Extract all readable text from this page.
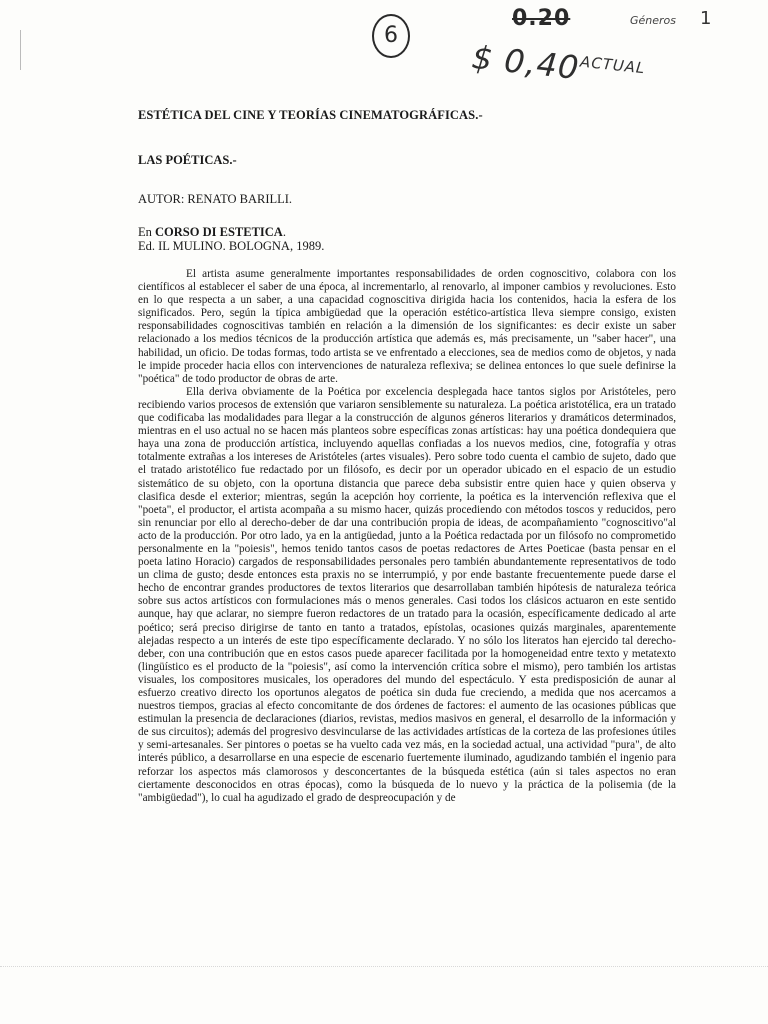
6
0.20	Géneros 1
$ 0,40
ACTUAL
ESTÉTICA DEL CINE Y TEORÍAS CINEMATOGRÁFICAS.-
LAS POÉTICAS.-
AUTOR: RENATO BARILLI.
En CORSO DI ESTETICA.
Ed. IL MULINO. BOLOGNA, 1989.

El artista asume generalmente importantes responsabilidades de orden cognoscitivo, colabora con los científicos al establecer el saber de una época, al incrementarlo, al renovarlo, al imponer cambios y revoluciones. Esto en lo que respecta a un saber, a una capacidad cognoscitiva dirigida hacia los contenidos, hacia la esfera de los significados. Pero, según la típica ambigüedad que la operación estético-artística lleva siempre consigo, existen responsabilidades cognoscitivas también en relación a la dimensión de los significantes: es decir existe un saber relacionado a los medios técnicos de la producción artística que además es, más precisamente, un "saber hacer", una habilidad, un oficio. De todas formas, todo artista se ve enfrentado a elecciones, sea de medios como de objetos, y nada le impide proceder hacia ellos con intervenciones de naturaleza reflexiva; se delinea entonces lo que suele definirse la "poética" de todo productor de obras de arte.

Ella deriva obviamente de la Poética por excelencia desplegada hace tantos siglos por Aristóteles, pero recibiendo varios procesos de extensión que variaron sensiblemente su naturaleza. La poética aristotélica, era un tratado que codificaba las modalidades para llegar a la construcción de algunos géneros literarios y dramáticos determinados, mientras en el uso actual no se hacen más planteos sobre específicas zonas artísticas: hay una poética dondequiera que haya una zona de producción artística, incluyendo aquellas confiadas a los nuevos medios, cine, fotografía y otras totalmente extrañas a los intereses de Aristóteles (artes visuales). Pero sobre todo cuenta el cambio de sujeto, dado que el tratado aristotélico fue redactado por un filósofo, es decir por un operador ubicado en el espacio de un estudio sistemático de su objeto, con la oportuna distancia que parece deba subsistir entre quien hace y quien observa y clasifica desde el exterior; mientras, según la acepción hoy corriente, la poética es la intervención reflexiva que el "poeta", el productor, el artista acompaña a su mismo hacer, quizás procediendo con métodos toscos y reducidos, pero sin renunciar por ello al derecho-deber de dar una contribución propia de ideas, de acompañamiento "cognoscitivo"al acto de la producción. Por otro lado, ya en la antigüedad, junto a la Poética redactada por un filósofo no comprometido personalmente en la "poiesis", hemos tenido tantos casos de poetas redactores de Artes Poeticae (basta pensar en el poeta latino Horacio) cargados de responsabilidades personales pero también abundantemente representativos de todo un clima de gusto; desde entonces esta praxis no se interrumpió, y por ende bastante frecuentemente puede darse el hecho de encontrar grandes productores de textos literarios que desarrollaban también hipótesis de naturaleza teórica sobre sus actos artísticos con formulaciones más o menos generales. Casi todos los clásicos actuaron en este sentido aunque, hay que aclarar, no siempre fueron redactores de un tratado para la ocasión, específicamente dedicado al arte poético; será preciso dirigirse de tanto en tanto a tratados, epístolas, ocasiones quizás marginales, aparentemente alejadas respecto a un interés de este tipo específicamente declarado. Y no sólo los literatos han ejercido tal derecho-deber, con una contribución que en estos casos puede aparecer facilitada por la homogeneidad entre texto y metatexto (lingüístico es el producto de la "poiesis", así como la intervención crítica sobre el mismo), pero también los artistas visuales, los compositores musicales, los operadores del mundo del espectáculo. Y esta predisposición de aunar al esfuerzo creativo directo los oportunos alegatos de poética sin duda fue creciendo, a medida que nos acercamos a nuestros tiempos, gracias al efecto concomitante de dos órdenes de factores: el aumento de las ocasiones públicas que estimulan la presencia de declaraciones (diarios, revistas, medios masivos en general, el desarrollo de la información y de sus circuitos); además del progresivo desvincularse de las actividades artísticas de la corteza de las profesiones útiles y semi-artesanales. Ser pintores o poetas se ha vuelto cada vez más, en la sociedad actual, una actividad "pura", de alto interés público, a desarrollarse en una especie de escenario fuertemente iluminado, agudizando también el ingenio para reforzar los aspectos más clamorosos y desconcertantes de la búsqueda estética (aún si tales aspectos no eran ciertamente desconocidos en otras épocas), como la búsqueda de lo nuevo y la práctica de la polisemia (de la "ambigüedad"), lo cual ha agudizado el grado de despreocupación y de
